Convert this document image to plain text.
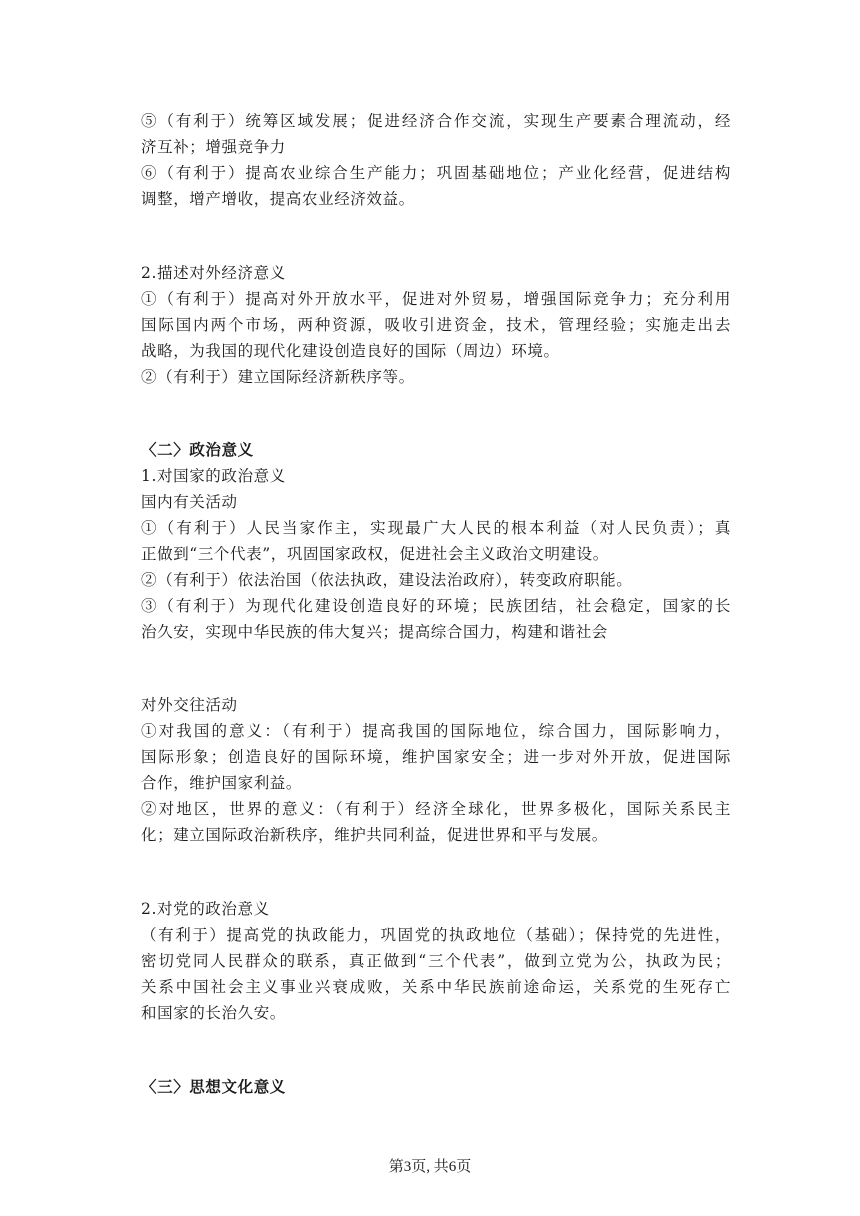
⑤（有利于）统筹区域发展；促进经济合作交流，实现生产要素合理流动，经
济互补；增强竞争力
⑥（有利于）提高农业综合生产能力；巩固基础地位；产业化经营，促进结构
调整，增产增收，提高农业经济效益。
2.描述对外经济意义
①（有利于）提高对外开放水平，促进对外贸易，增强国际竞争力；充分利用
国际国内两个市场，两种资源，吸收引进资金，技术，管理经验；实施走出去
战略，为我国的现代化建设创造良好的国际（周边）环境。
②（有利于）建立国际经济新秩序等。
〈二〉政治意义
1.对国家的政治意义
国内有关活动
①（有利于）人民当家作主，实现最广大人民的根本利益（对人民负责）；真
正做到“三个代表”，巩固国家政权，促进社会主义政治文明建设。
②（有利于）依法治国（依法执政，建设法治政府），转变政府职能。
③（有利于）为现代化建设创造良好的环境；民族团结，社会稳定，国家的长
治久安，实现中华民族的伟大复兴；提高综合国力，构建和谐社会
对外交往活动
①对我国的意义：（有利于）提高我国的国际地位，综合国力，国际影响力，
国际形象；创造良好的国际环境，维护国家安全；进一步对外开放，促进国际
合作，维护国家利益。
②对地区，世界的意义：（有利于）经济全球化，世界多极化，国际关系民主
化；建立国际政治新秩序，维护共同利益，促进世界和平与发展。
2.对党的政治意义
（有利于）提高党的执政能力，巩固党的执政地位（基础）；保持党的先进性，
密切党同人民群众的联系，真正做到“三个代表”，做到立党为公，执政为民；
关系中国社会主义事业兴衰成败，关系中华民族前途命运，关系党的生死存亡
和国家的长治久安。
〈三〉思想文化意义
第3页, 共6页
